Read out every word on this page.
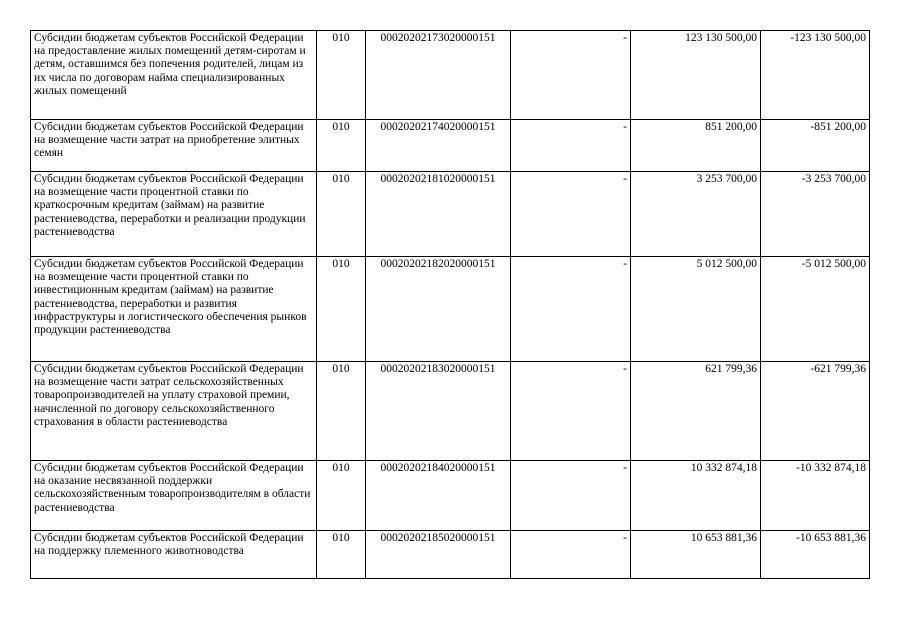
Субсидии бюджетам субъектов Российской Федерации на предоставление жилых помещений детям-сиротам и детям, оставшимся без попечения родителей, лицам из их числа по договорам найма специализированных жилых помещений	010	00020202173020000151	-	123 130 500,00	-123 130 500,00
Субсидии бюджетам субъектов Российской Федерации на возмещение части затрат на приобретение элитных семян	010	00020202174020000151	-	851 200,00	-851 200,00
Субсидии бюджетам субъектов Российской Федерации на возмещение части процентной ставки по краткосрочным кредитам (займам) на развитие растениеводства, переработки и реализации продукции растениеводства	010	00020202181020000151	-	3 253 700,00	-3 253 700,00
Субсидии бюджетам субъектов Российской Федерации на возмещение части процентной ставки по инвестиционным кредитам (займам) на развитие растениеводства, переработки и развития инфраструктуры и логистического обеспечения рынков продукции растениеводства	010	00020202182020000151	-	5 012 500,00	-5 012 500,00
Субсидии бюджетам субъектов Российской Федерации на возмещение части затрат сельскохозяйственных товаропроизводителей на уплату страховой премии, начисленной по договору сельскохозяйственного страхования в области растениеводства	010	00020202183020000151	-	621 799,36	-621 799,36
Субсидии бюджетам субъектов Российской Федерации на оказание несвязанной поддержки сельскохозяйственным товаропроизводителям в области растениеводства	010	00020202184020000151	-	10 332 874,18	-10 332 874,18
Субсидии бюджетам субъектов Российской Федерации на поддержку племенного животноводства	010	00020202185020000151	-	10 653 881,36	-10 653 881,36
